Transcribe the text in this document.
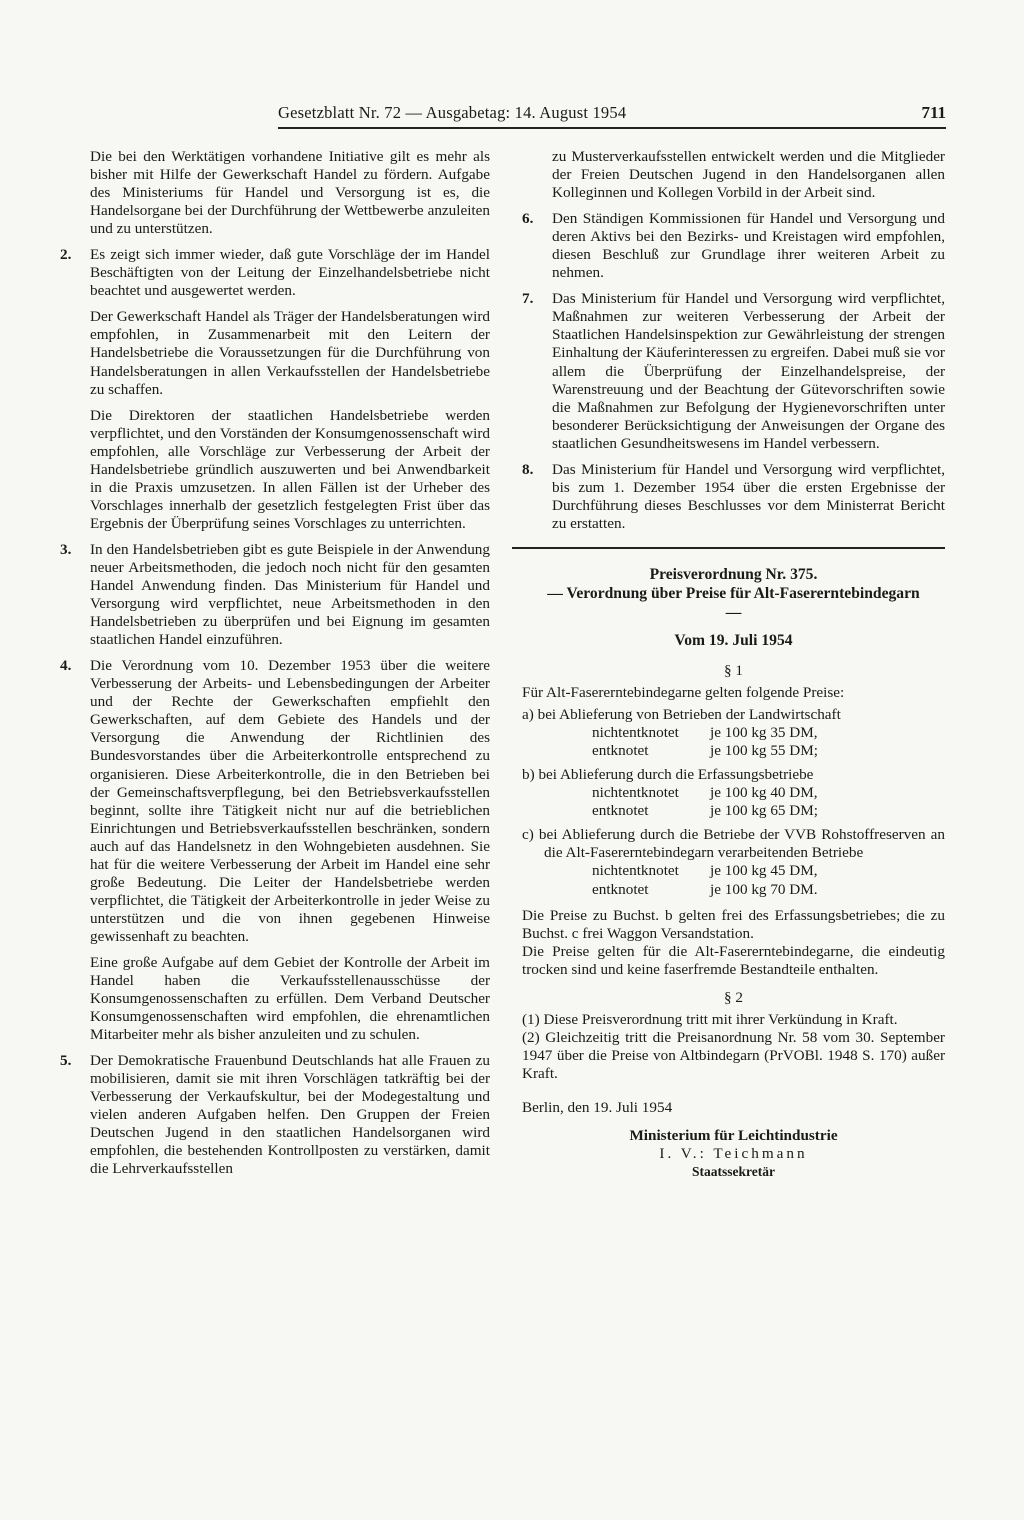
Gesetzblatt Nr. 72 — Ausgabetag: 14. August 1954	711

Die bei den Werktätigen vorhandene Initiative gilt es mehr als bisher mit Hilfe der Gewerkschaft Handel zu fördern. Aufgabe des Ministeriums für Handel und Versorgung ist es, die Handelsorgane bei der Durchführung der Wettbewerbe anzuleiten und zu unterstützen.

2. Es zeigt sich immer wieder, daß gute Vorschläge der im Handel Beschäftigten von der Leitung der Einzelhandelsbetriebe nicht beachtet und ausgewertet werden.

Der Gewerkschaft Handel als Träger der Handelsberatungen wird empfohlen, in Zusammenarbeit mit den Leitern der Handelsbetriebe die Voraussetzungen für die Durchführung von Handelsberatungen in allen Verkaufsstellen der Handelsbetriebe zu schaffen.

Die Direktoren der staatlichen Handelsbetriebe werden verpflichtet, und den Vorständen der Konsumgenossenschaft wird empfohlen, alle Vorschläge zur Verbesserung der Arbeit der Handelsbetriebe gründlich auszuwerten und bei Anwendbarkeit in die Praxis umzusetzen. In allen Fällen ist der Urheber des Vorschlages innerhalb der gesetzlich festgelegten Frist über das Ergebnis der Überprüfung seines Vorschlages zu unterrichten.

3. In den Handelsbetrieben gibt es gute Beispiele in der Anwendung neuer Arbeitsmethoden, die jedoch noch nicht für den gesamten Handel Anwendung finden. Das Ministerium für Handel und Versorgung wird verpflichtet, neue Arbeitsmethoden in den Handelsbetrieben zu überprüfen und bei Eignung im gesamten staatlichen Handel einzuführen.

4. Die Verordnung vom 10. Dezember 1953 über die weitere Verbesserung der Arbeits- und Lebensbedingungen der Arbeiter und der Rechte der Gewerkschaften empfiehlt den Gewerkschaften, auf dem Gebiete des Handels und der Versorgung die Anwendung der Richtlinien des Bundesvorstandes über die Arbeiterkontrolle entsprechend zu organisieren. Diese Arbeiterkontrolle, die in den Betrieben bei der Gemeinschaftsverpflegung, bei den Betriebsverkaufsstellen beginnt, sollte ihre Tätigkeit nicht nur auf die betrieblichen Einrichtungen und Betriebsverkaufsstellen beschränken, sondern auch auf das Handelsnetz in den Wohngebieten ausdehnen. Sie hat für die weitere Verbesserung der Arbeit im Handel eine sehr große Bedeutung. Die Leiter der Handelsbetriebe werden verpflichtet, die Tätigkeit der Arbeiterkontrolle in jeder Weise zu unterstützen und die von ihnen gegebenen Hinweise gewissenhaft zu beachten.

Eine große Aufgabe auf dem Gebiet der Kontrolle der Arbeit im Handel haben die Verkaufsstellenausschüsse der Konsumgenossenschaften zu erfüllen. Dem Verband Deutscher Konsumgenossenschaften wird empfohlen, die ehrenamtlichen Mitarbeiter mehr als bisher anzuleiten und zu schulen.

5. Der Demokratische Frauenbund Deutschlands hat alle Frauen zu mobilisieren, damit sie mit ihren Vorschlägen tatkräftig bei der Verbesserung der Verkaufskultur, bei der Modegestaltung und vielen anderen Aufgaben helfen. Den Gruppen der Freien Deutschen Jugend in den staatlichen Handelsorganen wird empfohlen, die bestehenden Kontrollposten zu verstärken, damit die Lehrverkaufsstellen

zu Musterverkaufsstellen entwickelt werden und die Mitglieder der Freien Deutschen Jugend in den Handelsorganen allen Kolleginnen und Kollegen Vorbild in der Arbeit sind.

6. Den Ständigen Kommissionen für Handel und Versorgung und deren Aktivs bei den Bezirks- und Kreistagen wird empfohlen, diesen Beschluß zur Grundlage ihrer weiteren Arbeit zu nehmen.

7. Das Ministerium für Handel und Versorgung wird verpflichtet, Maßnahmen zur weiteren Verbesserung der Arbeit der Staatlichen Handelsinspektion zur Gewährleistung der strengen Einhaltung der Käuferinteressen zu ergreifen. Dabei muß sie vor allem die Überprüfung der Einzelhandelspreise, der Warenstreuung und der Beachtung der Gütevorschriften sowie die Maßnahmen zur Befolgung der Hygienevorschriften unter besonderer Berücksichtigung der Anweisungen der Organe des staatlichen Gesundheitswesens im Handel verbessern.

8. Das Ministerium für Handel und Versorgung wird verpflichtet, bis zum 1. Dezember 1954 über die ersten Ergebnisse der Durchführung dieses Beschlusses vor dem Ministerrat Bericht zu erstatten.

Preisverordnung Nr. 375.

— Verordnung über Preise für Alt-Fasererntebindegarn —

Vom 19. Juli 1954

§ 1

Für Alt-Fasererntebindegarne gelten folgende Preise:

a) bei Ablieferung von Betrieben der Landwirtschaft

nichtentknotet	je 100 kg 35 DM,
entknotet	je 100 kg 55 DM;

b) bei Ablieferung durch die Erfassungsbetriebe

nichtentknotet	je 100 kg 40 DM,
entknotet	je 100 kg 65 DM;

c) bei Ablieferung durch die Betriebe der VVB Rohstoffreserven an die Alt-Fasererntebindegarn verarbeitenden Betriebe

nichtentknotet	je 100 kg 45 DM,
entknotet	je 100 kg 70 DM.

Die Preise zu Buchst. b gelten frei des Erfassungsbetriebes; die zu Buchst. c frei Waggon Versandstation.

Die Preise gelten für die Alt-Fasererntebindegarne, die eindeutig trocken sind und keine faserfremde Bestandteile enthalten.

§ 2

(1) Diese Preisverordnung tritt mit ihrer Verkündung in Kraft.

(2) Gleichzeitig tritt die Preisanordnung Nr. 58 vom 30. September 1947 über die Preise von Altbindegarn (PrVOBl. 1948 S. 170) außer Kraft.

Berlin, den 19. Juli 1954

Ministerium für Leichtindustrie

I. V.: Teichmann

Staatssekretär
